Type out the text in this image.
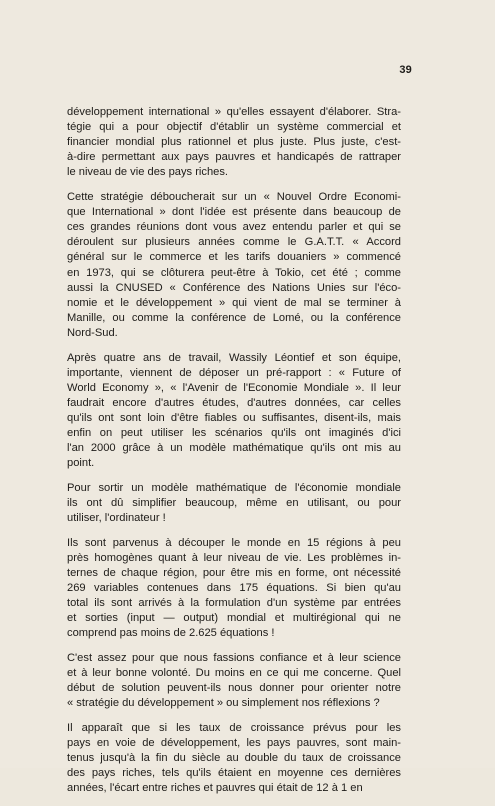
39
développement international » qu'elles essayent d'élaborer. Stra-
tégie qui a pour objectif d'établir un système commercial et
financier mondial plus rationnel et plus juste. Plus juste, c'est-
à-dire permettant aux pays pauvres et handicapés de rattraper
le niveau de vie des pays riches.
Cette stratégie déboucherait sur un « Nouvel Ordre Economi-
que International » dont l'idée est présente dans beaucoup de
ces grandes réunions dont vous avez entendu parler et qui se
déroulent sur plusieurs années comme le G.A.T.T. « Accord
général sur le commerce et les tarifs douaniers » commencé
en 1973, qui se clôturera peut-être à Tokio, cet été ; comme
aussi la CNUSED « Conférence des Nations Unies sur l'éco-
nomie et le développement » qui vient de mal se terminer à
Manille, ou comme la conférence de Lomé, ou la conférence
Nord-Sud.
Après quatre ans de travail, Wassily Léontief et son équipe,
importante, viennent de déposer un pré-rapport : « Future of
World Economy », « l'Avenir de l'Economie Mondiale ». Il leur
faudrait encore d'autres études, d'autres données, car celles
qu'ils ont sont loin d'être fiables ou suffisantes, disent-ils, mais
enfin on peut utiliser les scénarios qu'ils ont imaginés d'ici
l'an 2000 grâce à un modèle mathématique qu'ils ont mis au
point.
Pour sortir un modèle mathématique de l'économie mondiale
ils ont dû simplifier beaucoup, même en utilisant, ou pour
utiliser, l'ordinateur !
Ils sont parvenus à découper le monde en 15 régions à peu
près homogènes quant à leur niveau de vie. Les problèmes in-
ternes de chaque région, pour être mis en forme, ont nécessité
269 variables contenues dans 175 équations. Si bien qu'au
total ils sont arrivés à la formulation d'un système par entrées
et sorties (input — output) mondial et multirégional qui ne
comprend pas moins de 2.625 équations !
C'est assez pour que nous fassions confiance et à leur science
et à leur bonne volonté. Du moins en ce qui me concerne. Quel
début de solution peuvent-ils nous donner pour orienter notre
« stratégie du développement » ou simplement nos réflexions ?
Il apparaît que si les taux de croissance prévus pour les
pays en voie de développement, les pays pauvres, sont main-
tenus jusqu'à la fin du siècle au double du taux de croissance
des pays riches, tels qu'ils étaient en moyenne ces dernières
années, l'écart entre riches et pauvres qui était de 12 à 1 en
